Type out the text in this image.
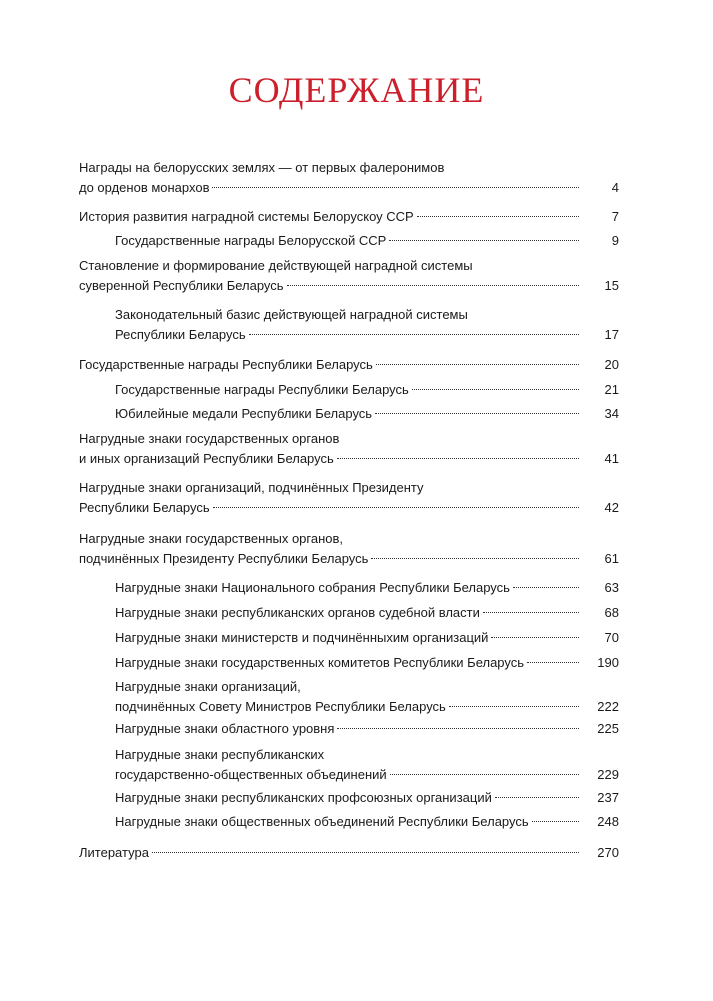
СОДЕРЖАНИЕ
Награды на белорусских землях — от первых фалеронимов
до орденов монархов	4
История развития наградной системы Белорускоу ССР	7
Государственные награды Белорусской ССР	9
Становление и формирование действующей наградной системы
суверенной Республики Беларусь	15
Законодательный базис действующей наградной системы
Республики Беларусь	17
Государственные награды Республики Беларусь	20
Государственные награды Республики Беларусь	21
Юбилейные медали Республики Беларусь	34
Нагрудные знаки государственных органов
и иных организаций Республики Беларусь	41
Нагрудные знаки организаций, подчинённых Президенту
Республики Беларусь	42
Нагрудные знаки государственных органов,
подчинённых Президенту Республики Беларусь	61
Нагрудные знаки Национального собрания Республики Беларусь	63
Нагрудные знаки республиканских органов судебной власти	68
Нагрудные знаки министерств и подчинённыхим организаций	70
Нагрудные знаки государственных комитетов Республики Беларусь	190
Нагрудные знаки организаций,
подчинённых Совету Министров Республики Беларусь	222
Нагрудные знаки областного уровня	225
Нагрудные знаки республиканских
государственно-общественных объединений	229
Нагрудные знаки республиканских профсоюзных организаций	237
Нагрудные знаки общественных объединений Республики Беларусь	248
Литература	270
